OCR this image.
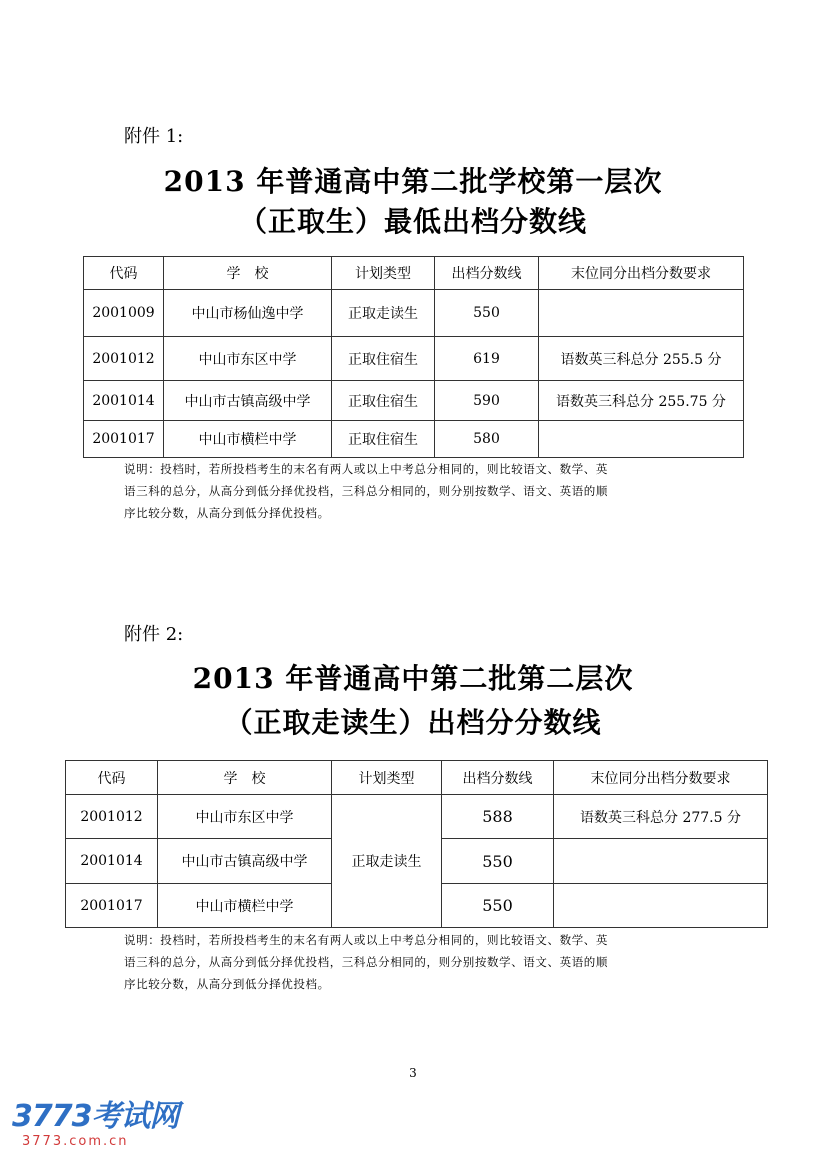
附件 1:
2013 年普通高中第二批学校第一层次
（正取生）最低出档分数线
代码	学　校	计划类型	出档分数线	末位同分出档分数要求
2001009	中山市杨仙逸中学	正取走读生	550	
2001012	中山市东区中学	正取住宿生	619	语数英三科总分 255.5 分
2001014	中山市古镇高级中学	正取住宿生	590	语数英三科总分 255.75 分
2001017	中山市横栏中学	正取住宿生	580	
说明：投档时，若所投档考生的末名有两人或以上中考总分相同的，则比较语文、数学、英
语三科的总分，从高分到低分择优投档，三科总分相同的，则分别按数学、语文、英语的顺
序比较分数，从高分到低分择优投档。
附件 2:
2013 年普通高中第二批第二层次
（正取走读生）出档分分数线
代码	学　校	计划类型	出档分数线	末位同分出档分数要求
2001012	中山市东区中学	正取走读生	588	语数英三科总分 277.5 分
2001014	中山市古镇高级中学		550	
2001017	中山市横栏中学		550	
说明：投档时，若所投档考生的末名有两人或以上中考总分相同的，则比较语文、数学、英
语三科的总分，从高分到低分择优投档，三科总分相同的，则分别按数学、语文、英语的顺
序比较分数，从高分到低分择优投档。
3
3773考试网
3773.com.cn
